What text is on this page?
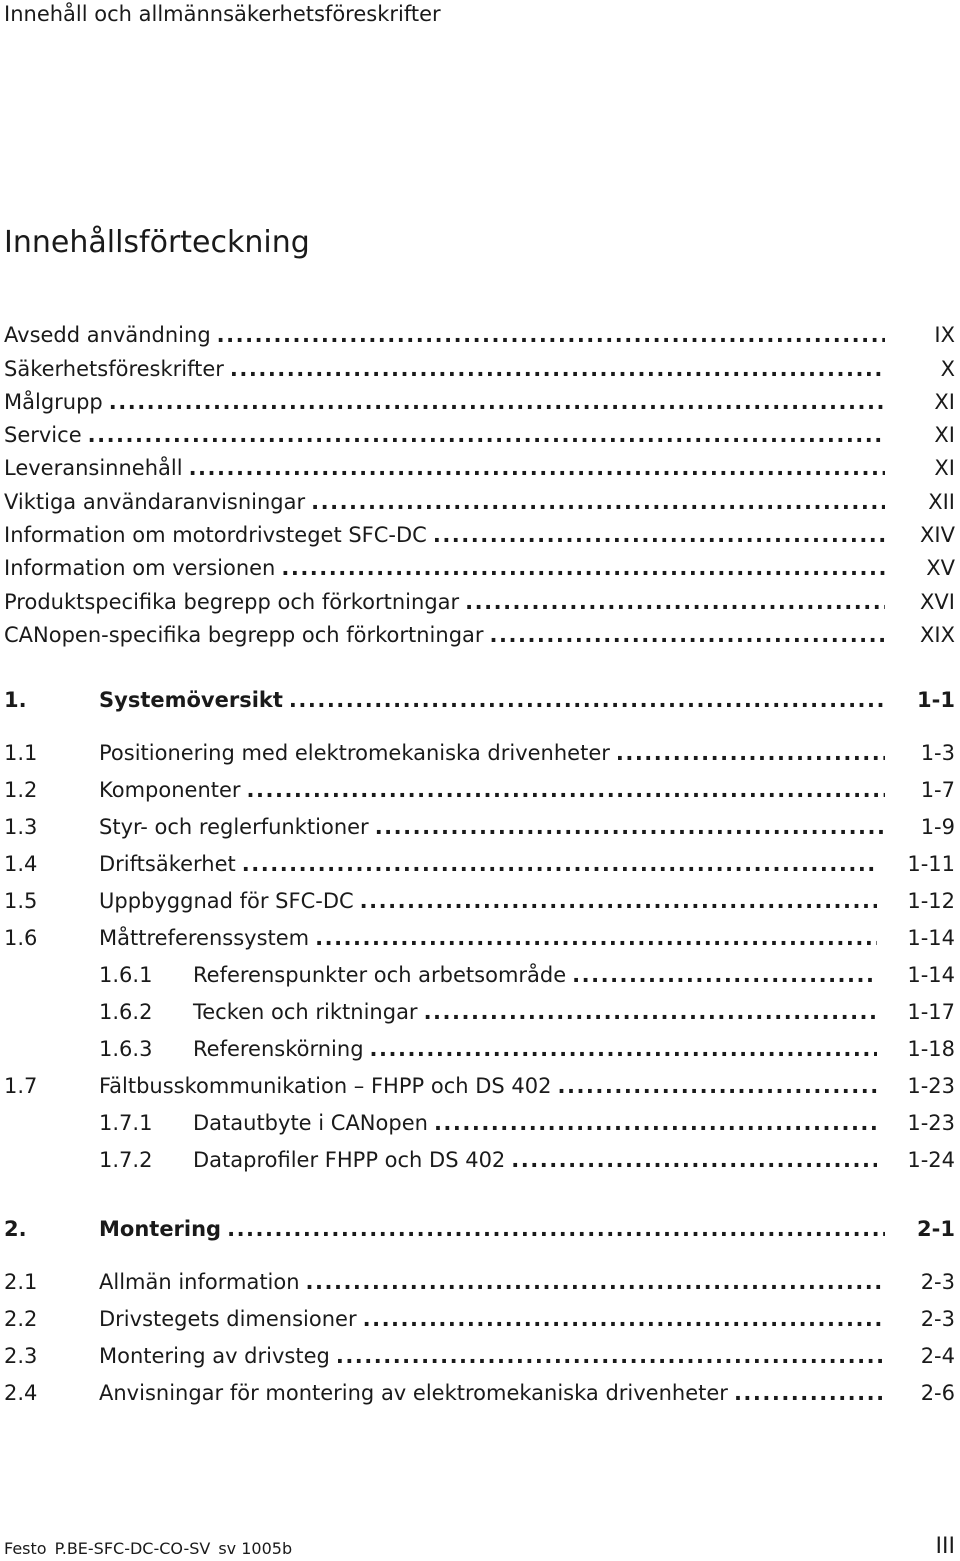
Innehåll och allmännsäkerhetsföreskrifter
Innehållsförteckning
Avsedd användning .....	IX
Säkerhetsföreskrifter .....	X
Målgrupp .....	XI
Service .....	XI
Leveransinnehåll .....	XI
Viktiga användaranvisningar .....	XII
Information om motordrivsteget SFC-DC .....	XIV
Information om versionen .....	XV
Produktspecifika begrepp och förkortningar .....	XVI
CANopen-specifika begrepp och förkortningar .....	XIX
1.	Systemöversikt .....	1-1
1.1	Positionering med elektromekaniska drivenheter .....	1-3
1.2	Komponenter .....	1-7
1.3	Styr- och reglerfunktioner .....	1-9
1.4	Driftsäkerhet .....	1-11
1.5	Uppbyggnad för SFC-DC .....	1-12
1.6	Måttreferenssystem .....	1-14
1.6.1	Referenspunkter och arbetsområde .....	1-14
1.6.2	Tecken och riktningar .....	1-17
1.6.3	Referenskörning .....	1-18
1.7	Fältbusskommunikation – FHPP och DS 402 .....	1-23
1.7.1	Datautbyte i CANopen .....	1-23
1.7.2	Dataprofiler FHPP och DS 402 .....	1-24
2.	Montering .....	2-1
2.1	Allmän information .....	2-3
2.2	Drivstegets dimensioner .....	2-3
2.3	Montering av drivsteg .....	2-4
2.4	Anvisningar för montering av elektromekaniska drivenheter .....	2-6
Festo P.BE-SFC-DC-CO-SV sv 1005b	III
